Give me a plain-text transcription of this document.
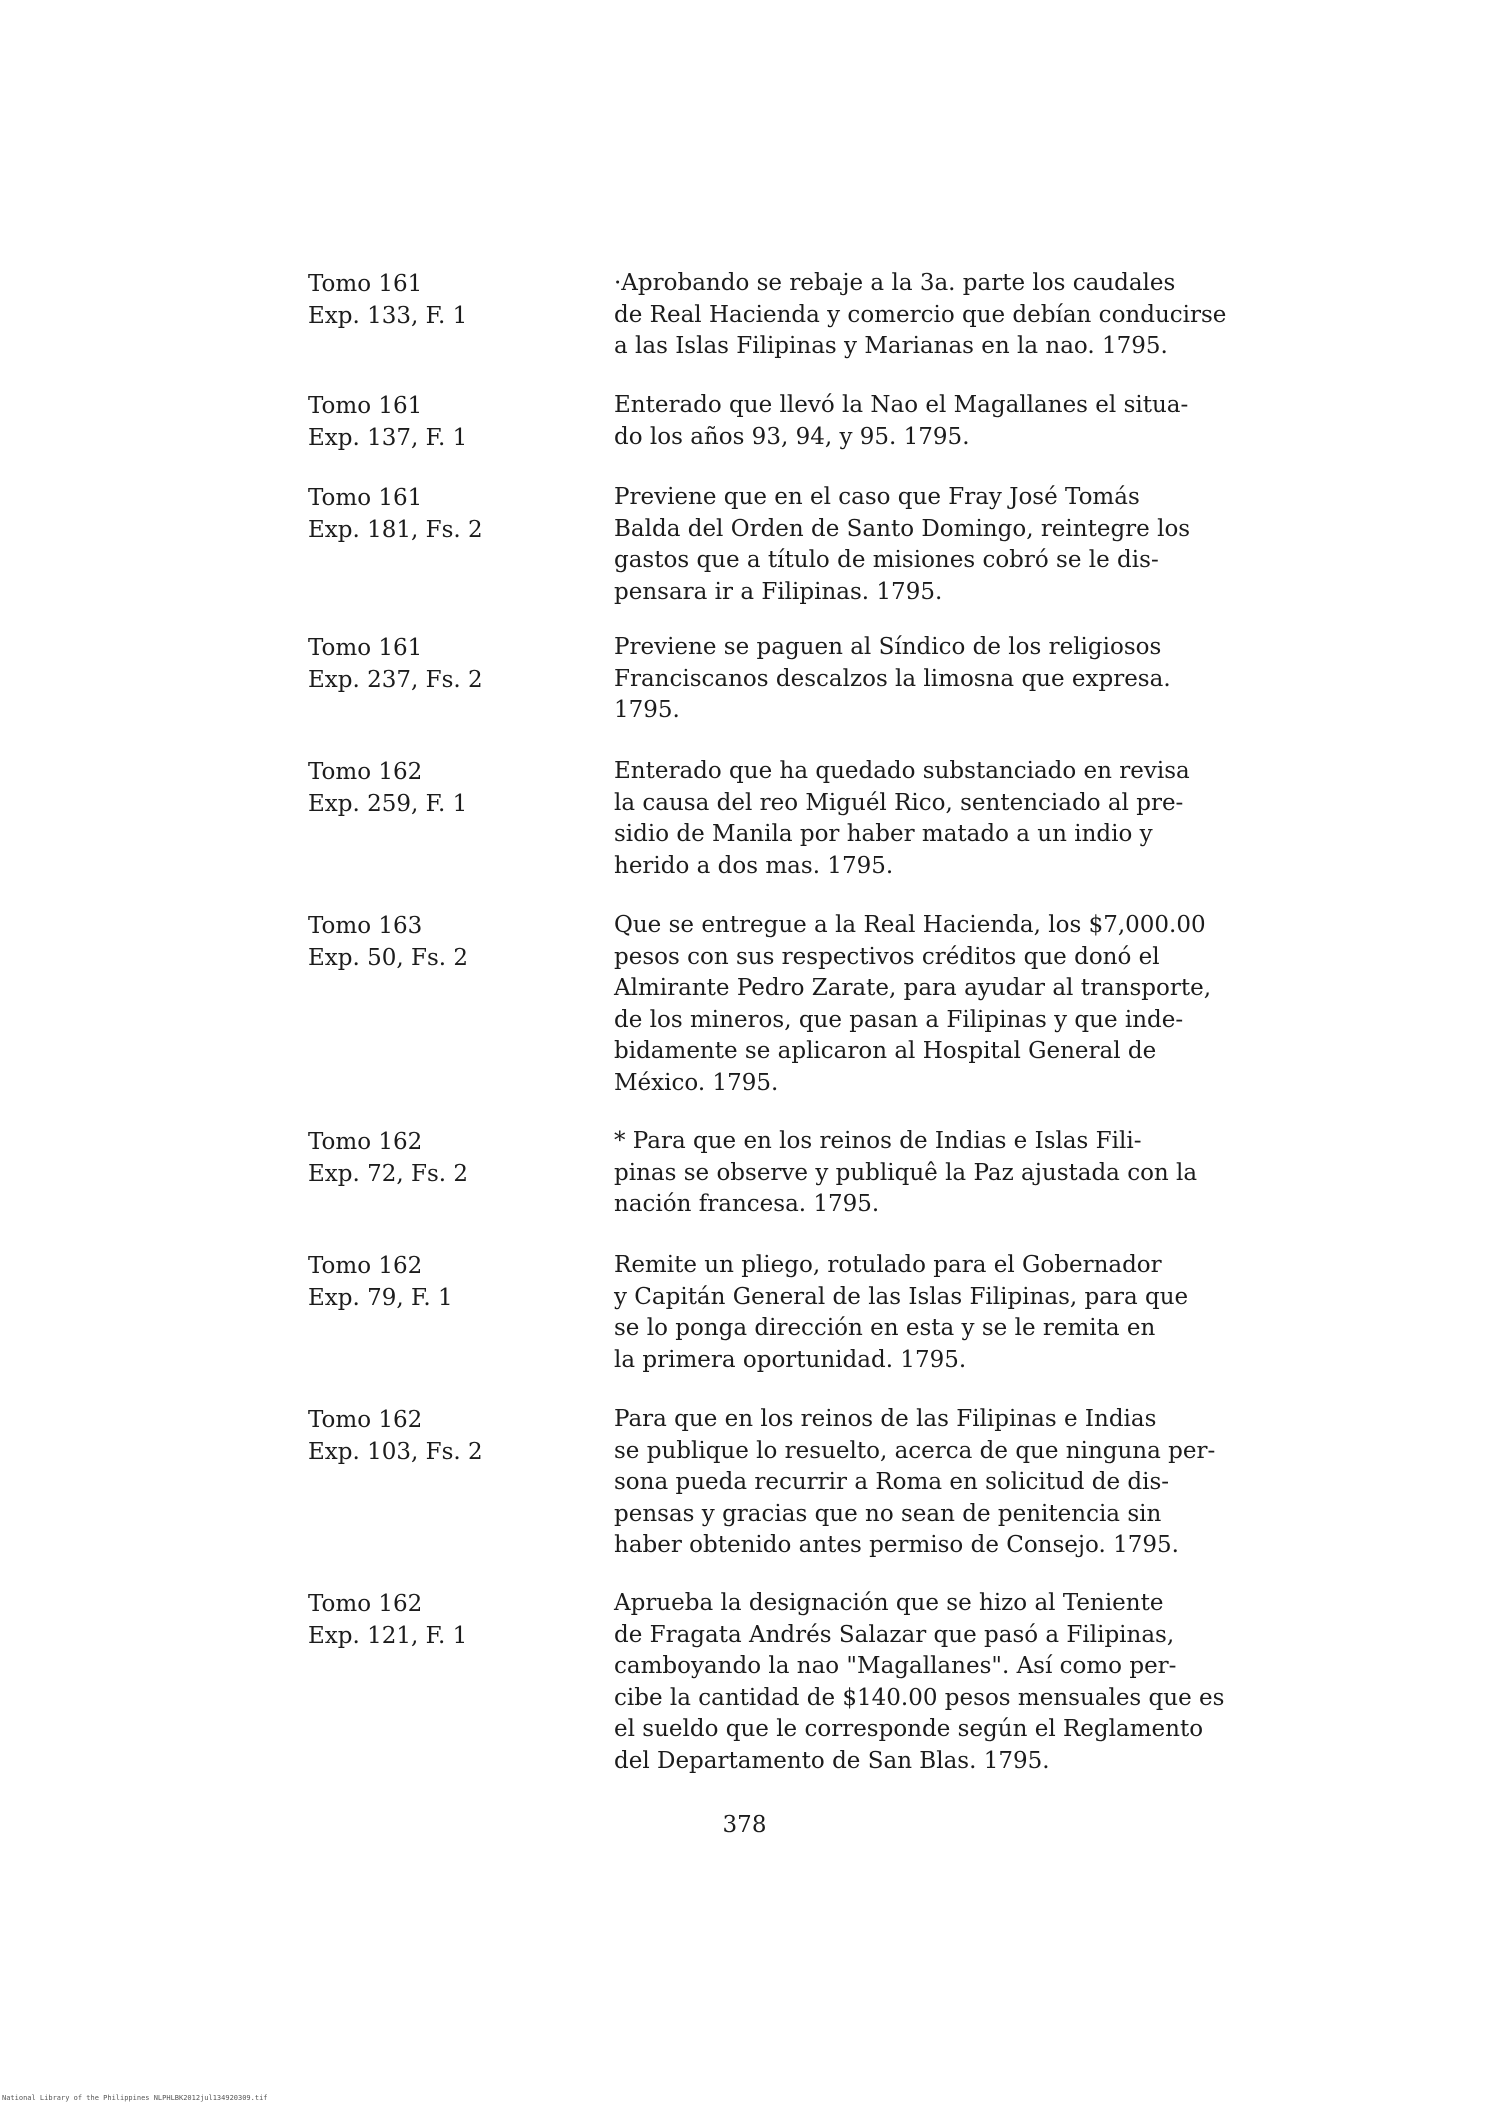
Tomo 161
Exp. 133, F. 1
·Aprobando se rebaje a la 3a. parte los caudales
de Real Hacienda y comercio que debían conducirse
a las Islas Filipinas y Marianas en la nao. 1795.
Tomo 161
Exp. 137, F. 1
Enterado que llevó la Nao el Magallanes el situa-
do los años 93, 94, y 95. 1795.
Tomo 161
Exp. 181, Fs. 2
Previene que en el caso que Fray José Tomás
Balda del Orden de Santo Domingo, reintegre los
gastos que a título de misiones cobró se le dis-
pensara ir a Filipinas. 1795.
Tomo 161
Exp. 237, Fs. 2
Previene se paguen al Síndico de los religiosos
Franciscanos descalzos la limosna que expresa.
1795.
Tomo 162
Exp. 259, F. 1
Enterado que ha quedado substanciado en revisa
la causa del reo Miguél Rico, sentenciado al pre-
sidio de Manila por haber matado a un indio y
herido a dos mas. 1795.
Tomo 163
Exp. 50, Fs. 2
Que se entregue a la Real Hacienda, los $7,000.00
pesos con sus respectivos créditos que donó el
Almirante Pedro Zarate, para ayudar al transporte,
de los mineros, que pasan a Filipinas y que inde-
bidamente se aplicaron al Hospital General de
México. 1795.
Tomo 162
Exp. 72, Fs. 2
* Para que en los reinos de Indias e Islas Fili-
pinas se observe y publiquê la Paz ajustada con la
nación francesa. 1795.
Tomo 162
Exp. 79, F. 1
Remite un pliego, rotulado para el Gobernador
y Capitán General de las Islas Filipinas, para que
se lo ponga dirección en esta y se le remita en
la primera oportunidad. 1795.
Tomo 162
Exp. 103, Fs. 2
Para que en los reinos de las Filipinas e Indias
se publique lo resuelto, acerca de que ninguna per-
sona pueda recurrir a Roma en solicitud de dis-
pensas y gracias que no sean de penitencia sin
haber obtenido antes permiso de Consejo. 1795.
Tomo 162
Exp. 121, F. 1
Aprueba la designación que se hizo al Teniente
de Fragata Andrés Salazar que pasó a Filipinas,
camboyando la nao "Magallanes". Así como per-
cibe la cantidad de $140.00 pesos mensuales que es
el sueldo que le corresponde según el Reglamento
del Departamento de San Blas. 1795.
378
National Library of the Philippines NLPHLBK2012jul134920309.tif
